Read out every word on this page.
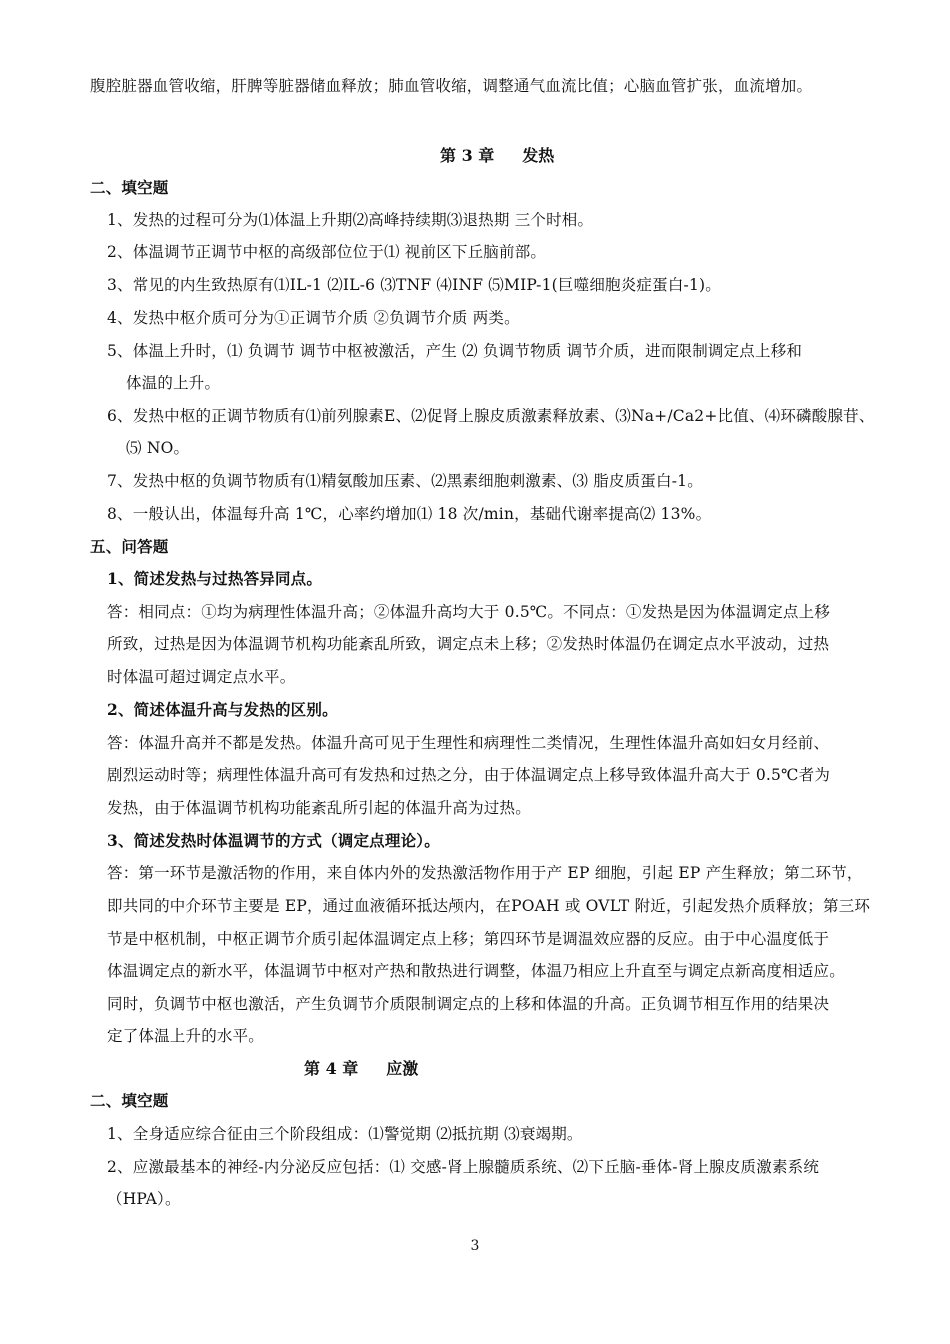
腹腔脏器血管收缩，肝脾等脏器储血释放；肺血管收缩，调整通气血流比值；心脑血管扩张，血流增加。
第 3 章 发热
二、填空题
1、发热的过程可分为⑴体温上升期⑵高峰持续期⑶退热期 三个时相。
2、体温调节正调节中枢的高级部位位于⑴ 视前区下丘脑前部。
3、常见的内生致热原有⑴IL-1 ⑵IL-6 ⑶TNF ⑷INF ⑸MIP-1(巨噬细胞炎症蛋白-1)。
4、发热中枢介质可分为①正调节介质 ②负调节介质 两类。
5、体温上升时，⑴ 负调节 调节中枢被激活，产生 ⑵ 负调节物质 调节介质，进而限制调定点上移和
体温的上升。
6、发热中枢的正调节物质有⑴前列腺素E、⑵促肾上腺皮质激素释放素、⑶Na+/Ca2+比值、⑷环磷酸腺苷、
⑸ NO。
7、发热中枢的负调节物质有⑴精氨酸加压素、⑵黑素细胞刺激素、⑶ 脂皮质蛋白-1。
8、一般认出，体温每升高 1℃，心率约增加⑴ 18 次/min，基础代谢率提高⑵ 13%。
五、问答题
1、简述发热与过热答异同点。
答：相同点：①均为病理性体温升高；②体温升高均大于 0.5℃。不同点：①发热是因为体温调定点上移
所致，过热是因为体温调节机构功能紊乱所致，调定点未上移；②发热时体温仍在调定点水平波动，过热
时体温可超过调定点水平。
2、简述体温升高与发热的区别。
答：体温升高并不都是发热。体温升高可见于生理性和病理性二类情况，生理性体温升高如妇女月经前、
剧烈运动时等；病理性体温升高可有发热和过热之分，由于体温调定点上移导致体温升高大于 0.5℃者为
发热，由于体温调节机构功能紊乱所引起的体温升高为过热。
3、简述发热时体温调节的方式（调定点理论）。
答：第一环节是激活物的作用，来自体内外的发热激活物作用于产 EP 细胞，引起 EP 产生释放；第二环节，
即共同的中介环节主要是 EP，通过血液循环抵达颅内，在POAH 或 OVLT 附近，引起发热介质释放；第三环
节是中枢机制，中枢正调节介质引起体温调定点上移；第四环节是调温效应器的反应。由于中心温度低于
体温调定点的新水平，体温调节中枢对产热和散热进行调整，体温乃相应上升直至与调定点新高度相适应。
同时，负调节中枢也激活，产生负调节介质限制调定点的上移和体温的升高。正负调节相互作用的结果决
定了体温上升的水平。
第 4 章 应激
二、填空题
1、全身适应综合征由三个阶段组成：⑴警觉期 ⑵抵抗期 ⑶衰竭期。
2、应激最基本的神经-内分泌反应包括：⑴ 交感-肾上腺髓质系统、⑵下丘脑-垂体-肾上腺皮质激素系统
（HPA）。
3
